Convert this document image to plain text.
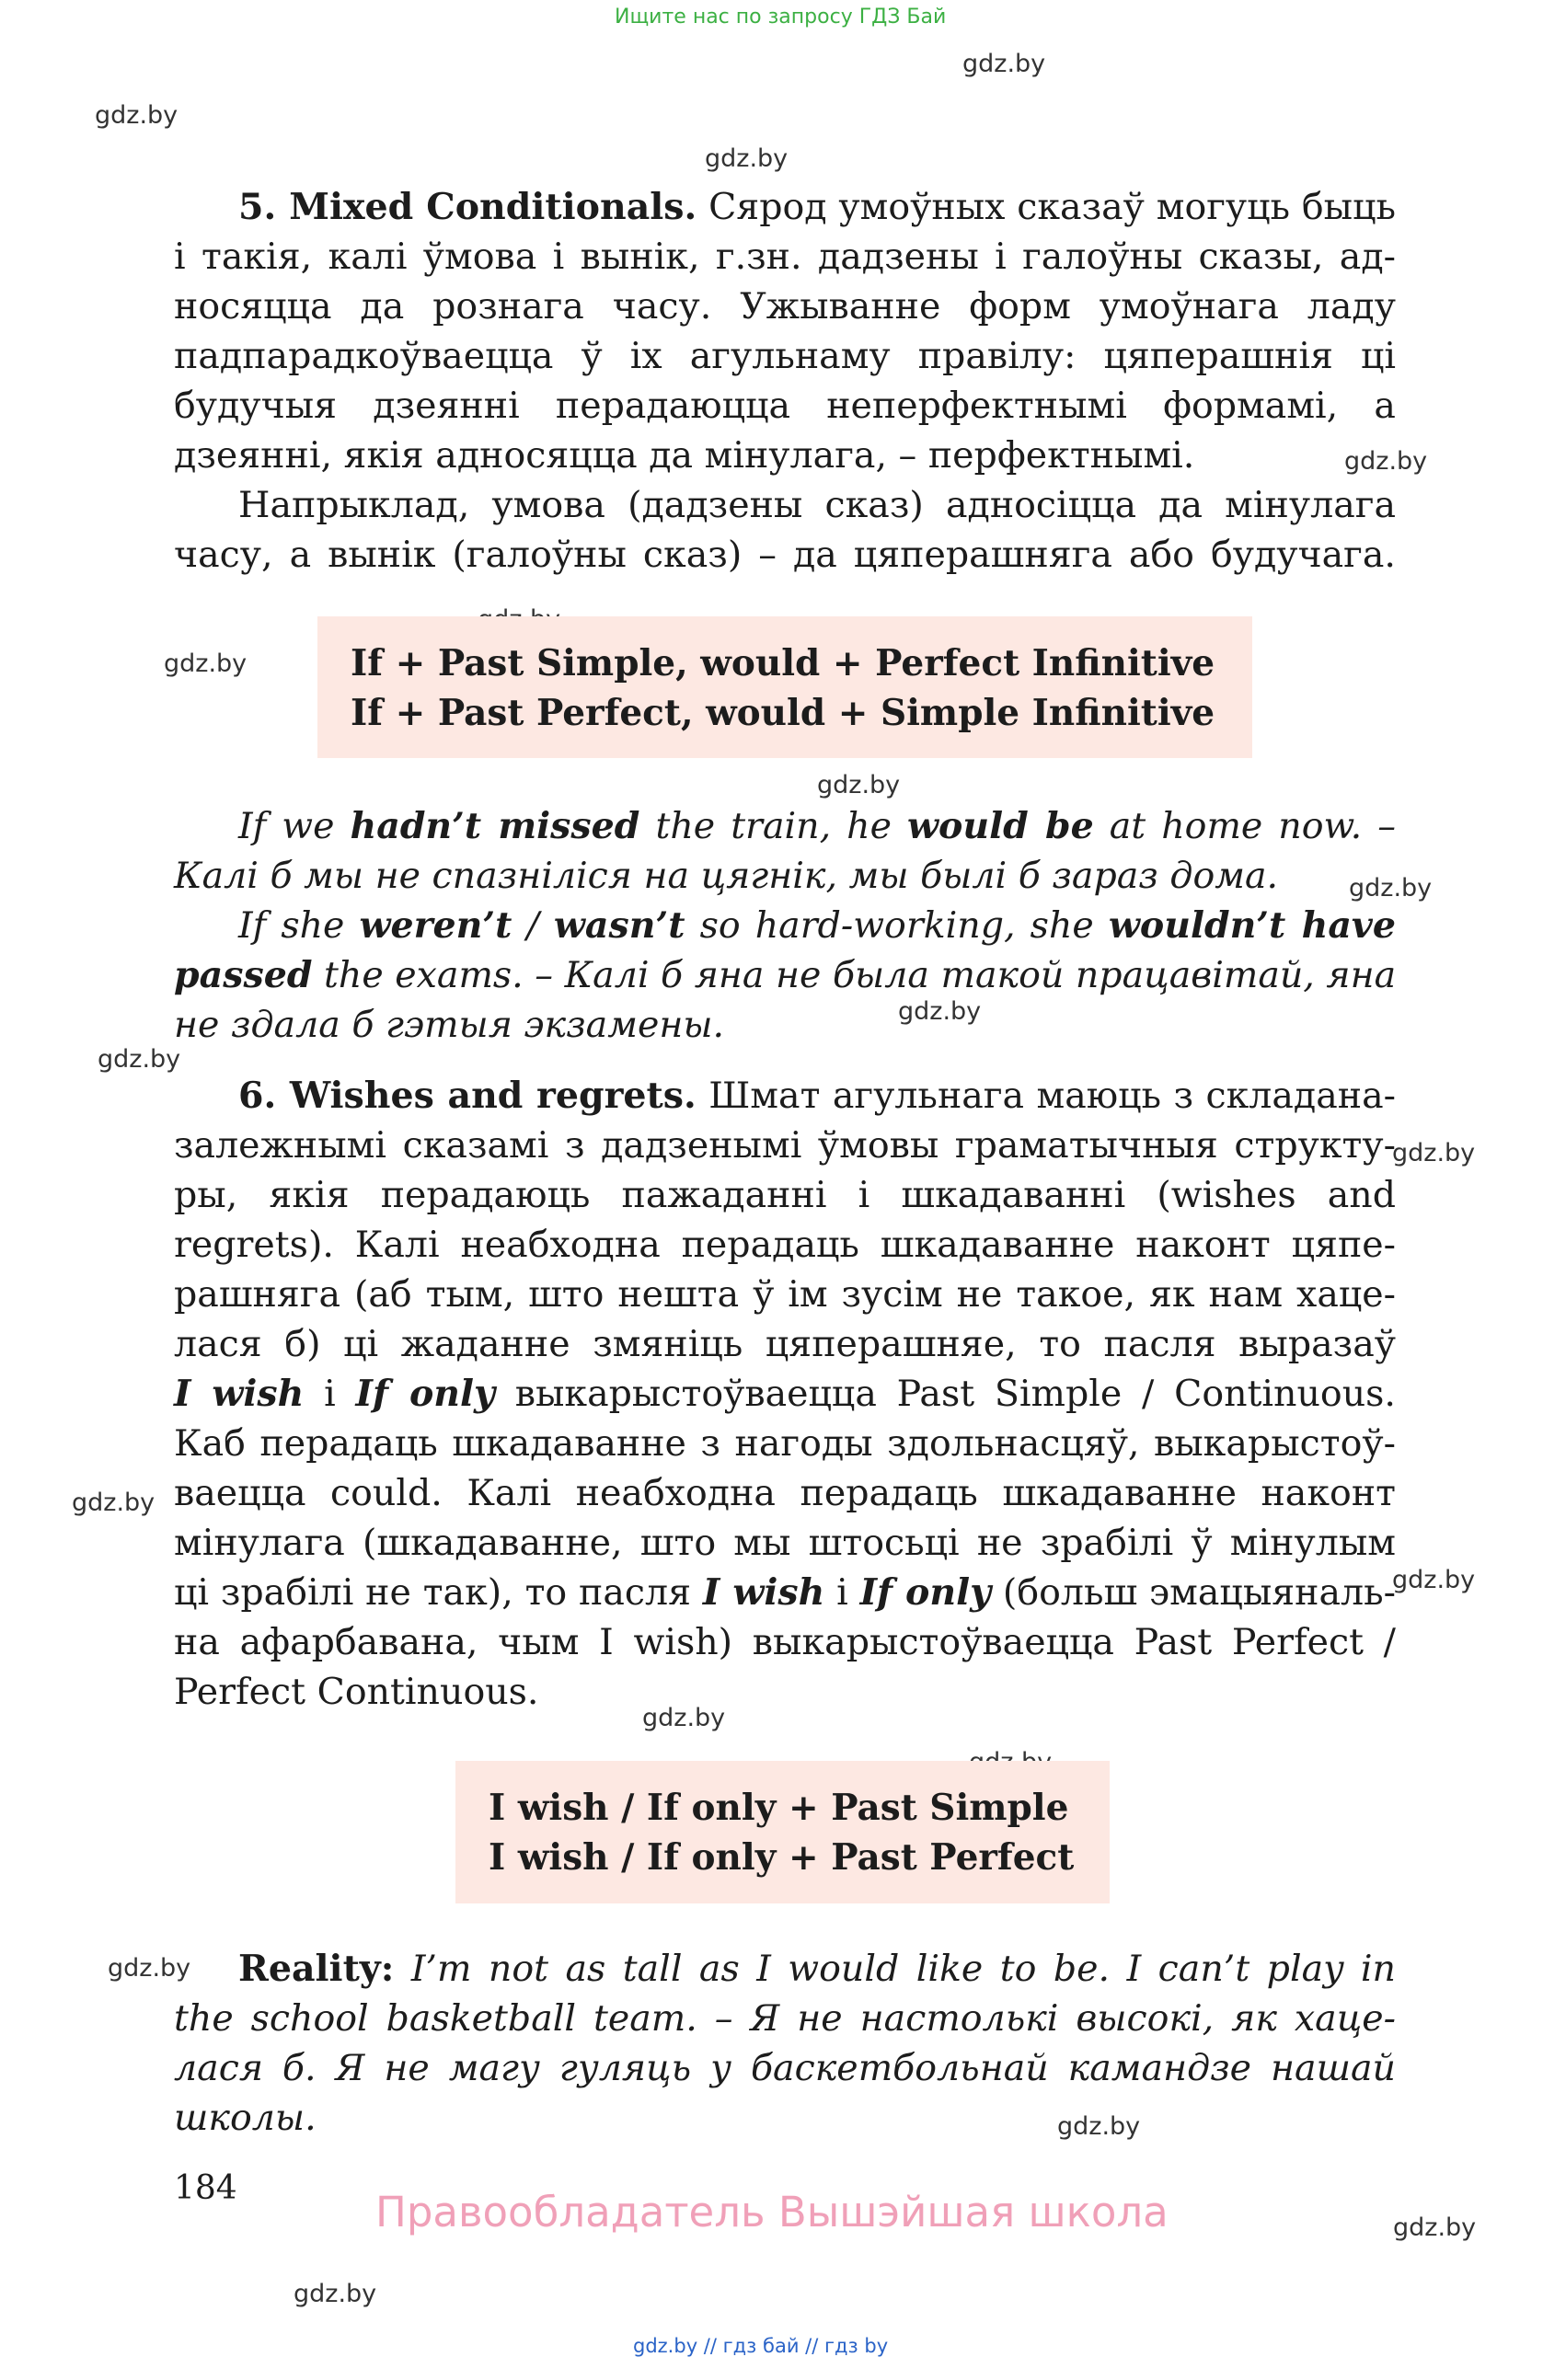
Ищите нас по запросу ГДЗ Бай
gdz.by
gdz.by
gdz.by
gdz.by
gdz.by
gdz.by
gdz.by
gdz.by
gdz.by
gdz.by
gdz.by
gdz.by
gdz.by
gdz.by
gdz.by
gdz.by
gdz.by
5. Mixed Conditionals. Сярод умоўных сказаў могуць быць
і такія, калі ўмова і вынік, г.зн. дадзены і галоўны сказы, ад-
носяцца да рознага часу. Ужыванне форм умоўнага ладу
падпарадкоўваецца ў іх агульнаму правілу: цяперашнія ці
будучыя дзеянні перадаюцца неперфектнымі формамі, а
дзеянні, якія адносяцца да мінулага, – перфектнымі.
Напрыклад, умова (дадзены сказ) адносіцца да мінулага
часу, а вынік (галоўны сказ) – да цяперашняга або будучага.
If + Past Simple, would + Perfect Infinitive
If + Past Perfect, would + Simple Infinitive
If we hadn’t missed the train, he would be at home now. –
Калі б мы не спазніліся на цягнік, мы былі б зараз дома.
If she weren’t / wasn’t so hard-working, she wouldn’t have
passed the exams. – Калі б яна не была такой працавітай, яна
не здала б гэтыя экзамены.
6. Wishes and regrets. Шмат агульнага маюць з складана-
залежнымі сказамі з дадзенымі ўмовы граматычныя структу-
ры, якія перадаюць пажаданні і шкадаванні (wishes and
regrets). Калі неабходна перадаць шкадаванне наконт цяпе-
рашняга (аб тым, што нешта ў ім зусім не такое, як нам хаце-
лася б) ці жаданне змяніць цяперашняе, то пасля выразаў
I wish і If only выкарыстоўваецца Past Simple / Continuous.
Каб перадаць шкадаванне з нагоды здольнасцяў, выкарыстоў-
ваецца could. Калі неабходна перадаць шкадаванне наконт
мінулага (шкадаванне, што мы штосьці не зрабілі ў мінулым
ці зрабілі не так), то пасля I wish і If only (больш эмацыяналь-
на афарбавана, чым I wish) выкарыстоўваецца Past Perfect /
Perfect Continuous.
I wish / If only + Past Simple
I wish / If only + Past Perfect
Reality: I’m not as tall as I would like to be. I can’t play in
the school basketball team. – Я не настолькі высокі, як хаце-
лася б. Я не магу гуляць у баскетбольнай камандзе нашай
школы.
184	Правообладатель Вышэйшая школа
gdz.by // гдз бай // гдз by
